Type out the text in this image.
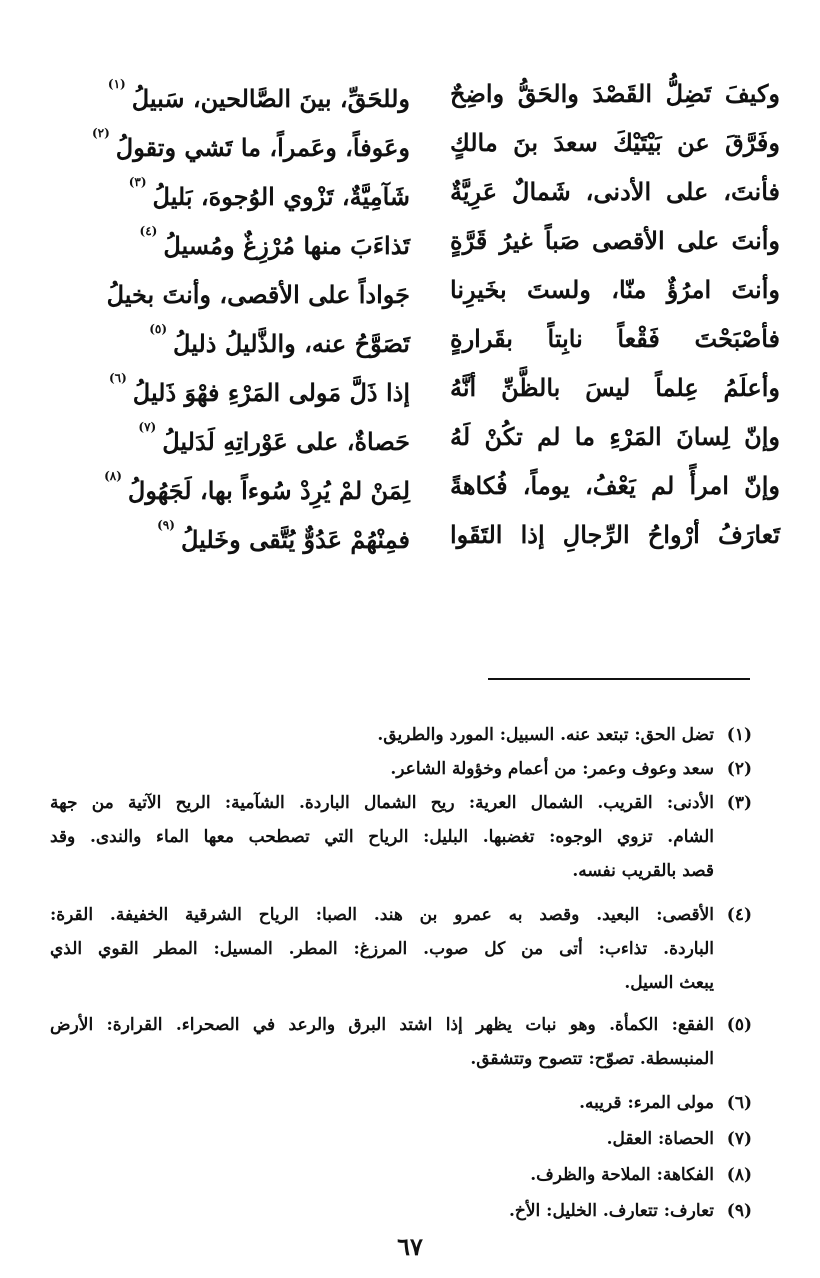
وكيفَ تَضِلُّ القَصْدَ والحَقُّ واضِحٌ
وللحَقِّ، بينَ الصَّالحين، سَبيلُ$^{(١)}$
وفَرَّقَ عن بَيْتَيْكَ سعدَ بنَ مالكٍ
وعَوفاً، وعَمراً، ما تَشي وتقولُ$^{(٢)}$
فأنتَ، على الأدنى، شَمالٌ عَرِيَّةٌ
شَآمِيَّةٌ، تَزْوي الوُجوهَ، بَليلُ$^{(٣)}$
وأنتَ على الأقصى صَباً غيرُ قَرَّةٍ
تَذاءَبَ منها مُرْزِغٌ ومُسيلُ$^{(٤)}$
وأنتَ امرُؤٌ منّا، ولستَ بخَيرِنا
جَواداً على الأقصى، وأنتَ بخيلُ
فأصْبَحْتَ فَقْعاً نابِتاً بقَرارةٍ
تَصَوَّحُ عنه، والذَّليلُ ذليلُ$^{(٥)}$
وأعلَمُ عِلماً ليسَ بالظَّنِّ أنَّهُ
إذا ذَلَّ مَولى المَرْءِ فهْوَ ذَليلُ$^{(٦)}$
وإنّ لِسانَ المَرْءِ ما لم تكُنْ لَهُ
حَصاةٌ، على عَوْراتِهِ لَدَليلُ$^{(٧)}$
وإنّ امرأً لم يَعْفُ، يوماً، فُكاهةً
لِمَنْ لمْ يُرِدْ سُوءاً بها، لَجَهُولُ$^{(٨)}$
تَعارَفُ أرْواحُ الرِّجالِ إذا التَقَوا
فمِنْهُمْ عَدُوٌّ يُتَّقى وخَليلُ$^{(٩)}$
(١)
تضل الحق: تبتعد عنه. السبيل: المورد والطريق.
(٢)
سعد وعوف وعمر: من أعمام وخؤولة الشاعر.
(٣)
الأدنى: القريب. الشمال العرية: ريح الشمال الباردة. الشآمية: الريح الآتية من جهة
الشام. تزوي الوجوه: تغضبها. البليل: الرياح التي تصطحب معها الماء والندى. وقد
قصد بالقريب نفسه.
(٤)
الأقصى: البعيد. وقصد به عمرو بن هند. الصبا: الرياح الشرقية الخفيفة. القرة:
الباردة. تذاءب: أتى من كل صوب. المرزغ: المطر. المسيل: المطر القوي الذي
يبعث السيل.
(٥)
الفقع: الكمأة. وهو نبات يظهر إذا اشتد البرق والرعد في الصحراء. القرارة: الأرض
المنبسطة. تصوّح: تتصوح وتتشقق.
(٦)
مولى المرء: قريبه.
(٧)
الحصاة: العقل.
(٨)
الفكاهة: الملاحة والظرف.
(٩)
تعارف: تتعارف. الخليل: الأخ.
٦٧
